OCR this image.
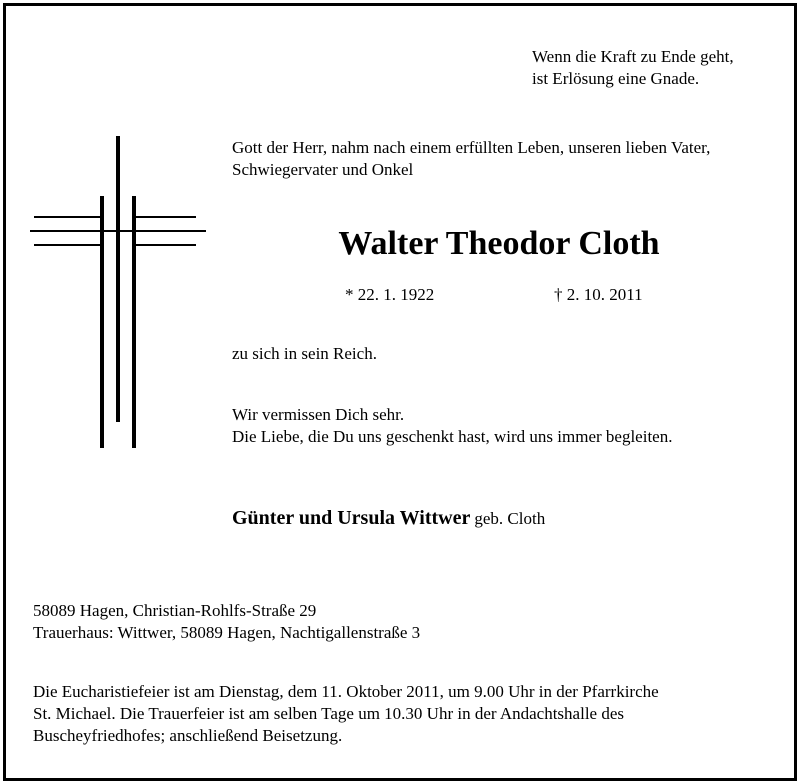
Wenn die Kraft zu Ende geht,
ist Erlösung eine Gnade.
Gott der Herr, nahm nach einem erfüllten Leben, unseren lieben Vater,
Schwiegervater und Onkel
Walter Theodor Cloth
* 22. 1. 1922	† 2. 10. 2011
zu sich in sein Reich.
Wir vermissen Dich sehr.
Die Liebe, die Du uns geschenkt hast, wird uns immer begleiten.
Günter und Ursula Wittwer geb. Cloth
58089 Hagen, Christian-Rohlfs-Straße 29
Trauerhaus: Wittwer, 58089 Hagen, Nachtigallenstraße 3
Die Eucharistiefeier ist am Dienstag, dem 11. Oktober 2011, um 9.00 Uhr in der Pfarrkirche
St. Michael. Die Trauerfeier ist am selben Tage um 10.30 Uhr in der Andachtshalle des
Buscheyfriedhofes; anschließend Beisetzung.
